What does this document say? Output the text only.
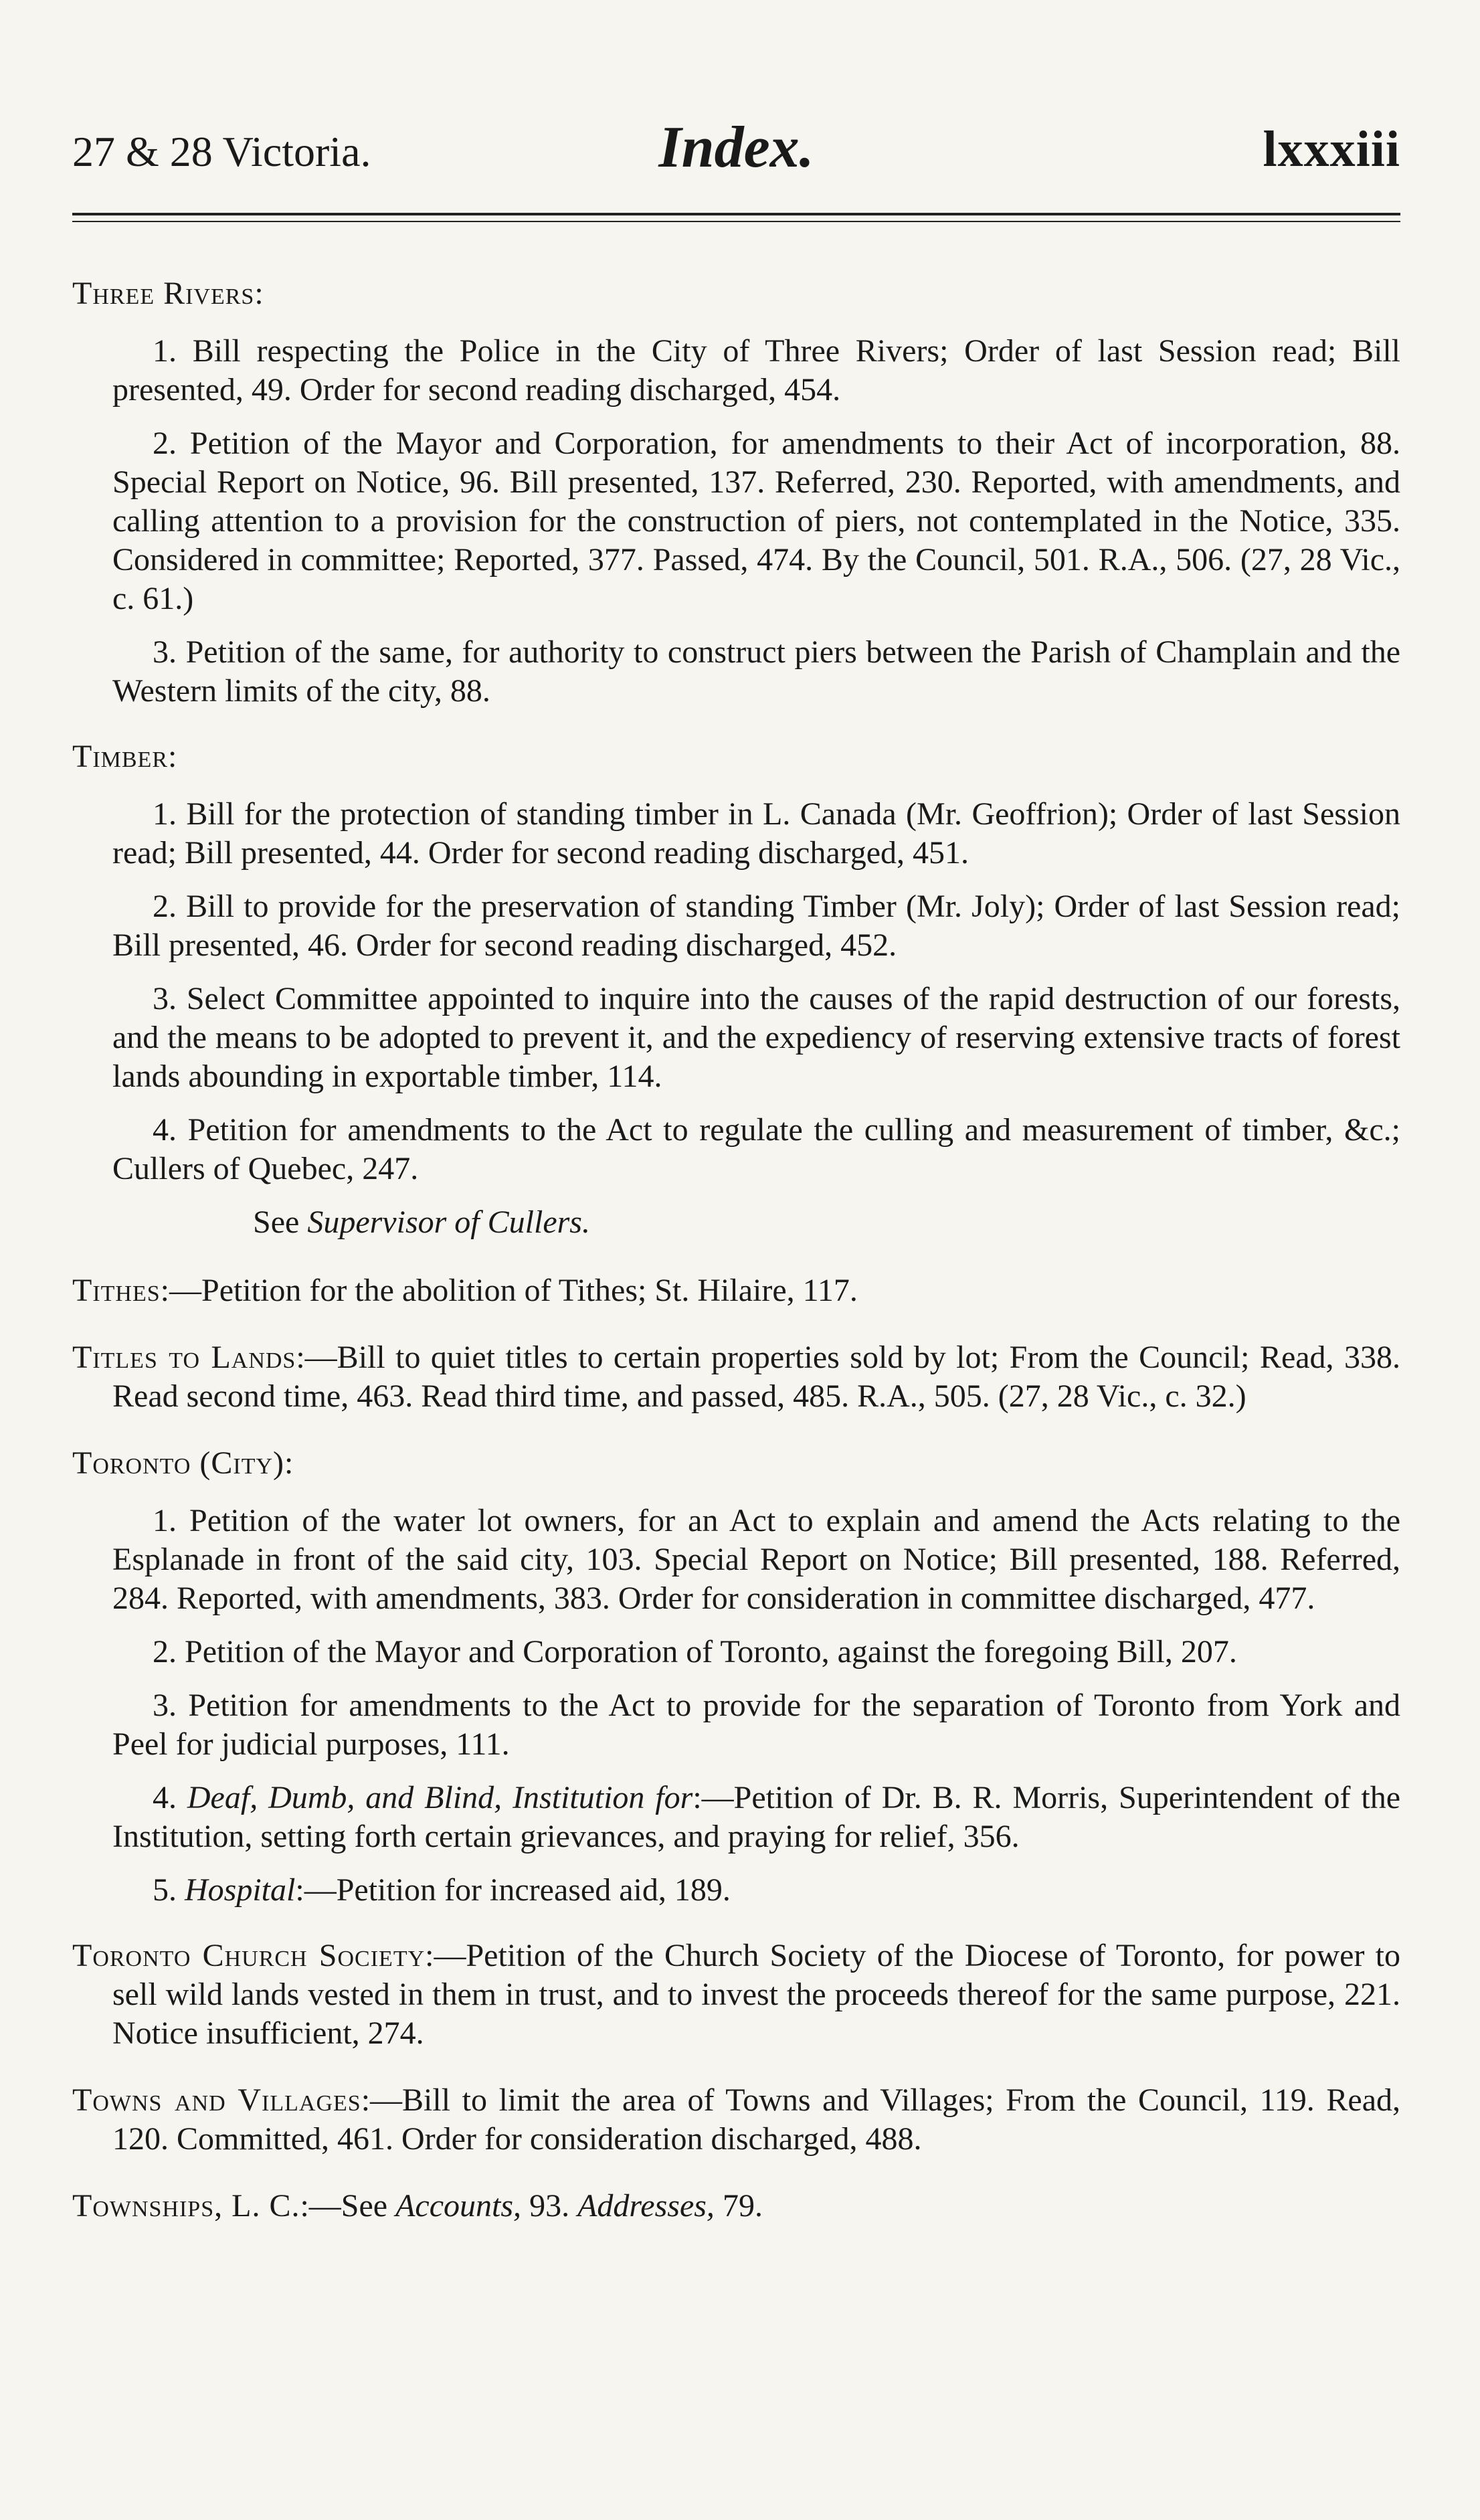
27 & 28 Victoria.	Index.	lxxxiii
Three Rivers:

1. Bill respecting the Police in the City of Three Rivers; Order of last Session read; Bill presented, 49. Order for second reading discharged, 454.

2. Petition of the Mayor and Corporation, for amendments to their Act of incorporation, 88. Special Report on Notice, 96. Bill presented, 137. Referred, 230. Reported, with amendments, and calling attention to a provision for the construction of piers, not contemplated in the Notice, 335. Considered in committee; Reported, 377. Passed, 474. By the Council, 501. R.A., 506. (27, 28 Vic., c. 61.)

3. Petition of the same, for authority to construct piers between the Parish of Champlain and the Western limits of the city, 88.

Timber:

1. Bill for the protection of standing timber in L. Canada (Mr. Geoffrion); Order of last Session read; Bill presented, 44. Order for second reading discharged, 451.

2. Bill to provide for the preservation of standing Timber (Mr. Joly); Order of last Session read; Bill presented, 46. Order for second reading discharged, 452.

3. Select Committee appointed to inquire into the causes of the rapid destruction of our forests, and the means to be adopted to prevent it, and the expediency of reserving extensive tracts of forest lands abounding in exportable timber, 114.

4. Petition for amendments to the Act to regulate the culling and measurement of timber, &c.; Cullers of Quebec, 247.

See Supervisor of Cullers.

Tithes:—Petition for the abolition of Tithes; St. Hilaire, 117.

Titles to Lands:—Bill to quiet titles to certain properties sold by lot; From the Council; Read, 338. Read second time, 463. Read third time, and passed, 485. R.A., 505. (27, 28 Vic., c. 32.)

Toronto (City):

1. Petition of the water lot owners, for an Act to explain and amend the Acts relating to the Esplanade in front of the said city, 103. Special Report on Notice; Bill presented, 188. Referred, 284. Reported, with amendments, 383. Order for consideration in committee discharged, 477.

2. Petition of the Mayor and Corporation of Toronto, against the foregoing Bill, 207.

3. Petition for amendments to the Act to provide for the separation of Toronto from York and Peel for judicial purposes, 111.

4. Deaf, Dumb, and Blind, Institution for:—Petition of Dr. B. R. Morris, Superintendent of the Institution, setting forth certain grievances, and praying for relief, 356.

5. Hospital:—Petition for increased aid, 189.

Toronto Church Society:—Petition of the Church Society of the Diocese of Toronto, for power to sell wild lands vested in them in trust, and to invest the proceeds thereof for the same purpose, 221. Notice insufficient, 274.

Towns and Villages:—Bill to limit the area of Towns and Villages; From the Council, 119. Read, 120. Committed, 461. Order for consideration discharged, 488.

Townships, L. C.:—See Accounts, 93. Addresses, 79.
